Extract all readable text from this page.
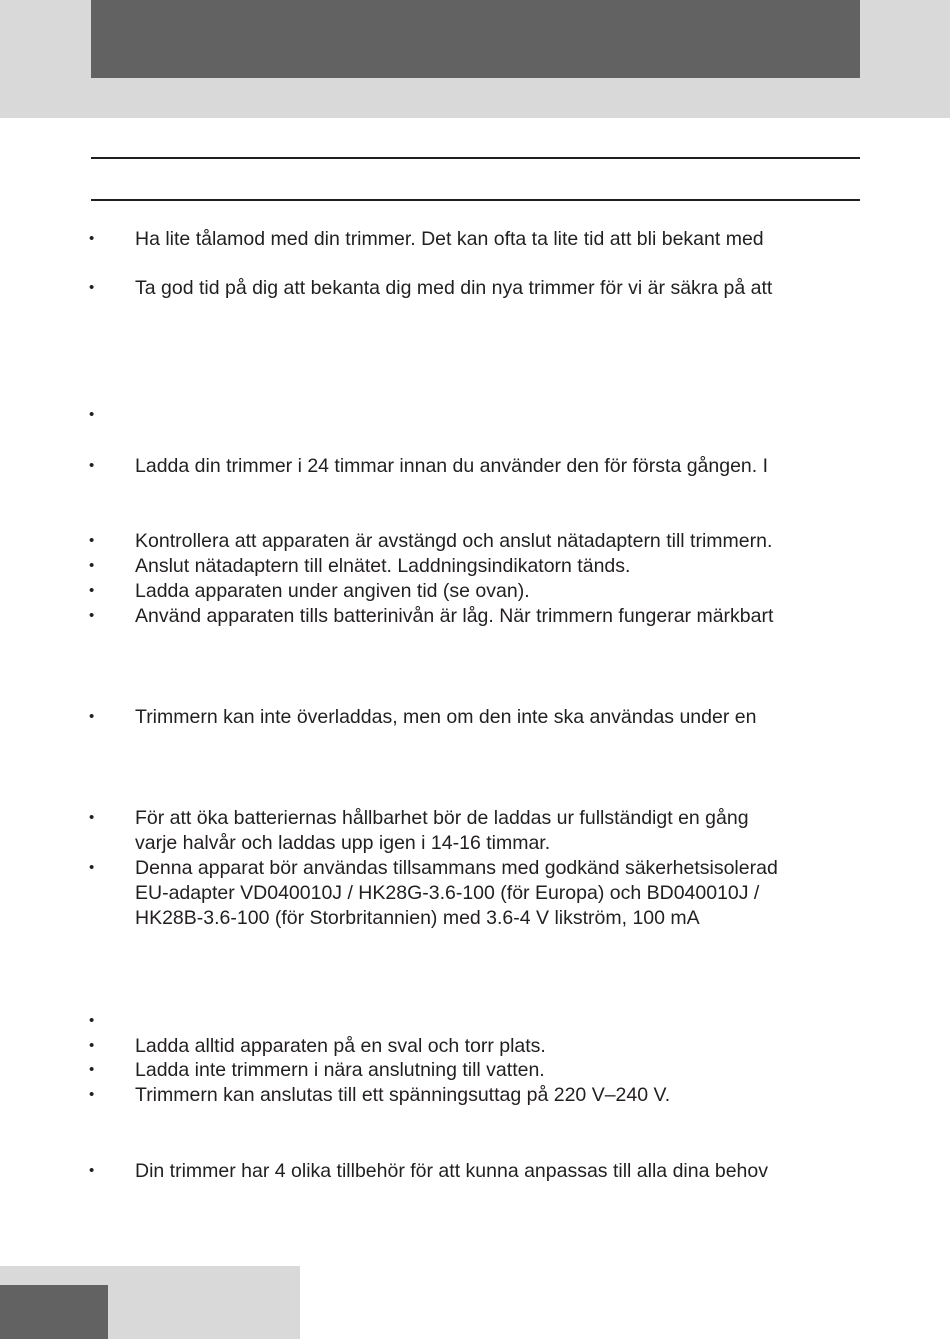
• Ha lite tålamod med din trimmer. Det kan ofta ta lite tid att bli bekant med
• Ta god tid på dig att bekanta dig med din nya trimmer för vi är säkra på att
•
• Ladda din trimmer i 24 timmar innan du använder den för första gången. I
• Kontrollera att apparaten är avstängd och anslut nätadaptern till trimmern.
• Anslut nätadaptern till elnätet. Laddningsindikatorn tänds.
• Ladda apparaten under angiven tid (se ovan).
• Använd apparaten tills batterinivån är låg. När trimmern fungerar märkbart
• Trimmern kan inte överladdas, men om den inte ska användas under en
• För att öka batteriernas hållbarhet bör de laddas ur fullständigt en gång
varje halvår och laddas upp igen i 14-16 timmar.
• Denna apparat bör användas tillsammans med godkänd säkerhetsisolerad
EU-adapter VD040010J / HK28G-3.6-100 (för Europa) och BD040010J /
HK28B-3.6-100 (för Storbritannien) med 3.6-4 V likström, 100 mA
•
• Ladda alltid apparaten på en sval och torr plats.
• Ladda inte trimmern i nära anslutning till vatten.
• Trimmern kan anslutas till ett spänningsuttag på 220 V–240 V.
• Din trimmer har 4 olika tillbehör för att kunna anpassas till alla dina behov
